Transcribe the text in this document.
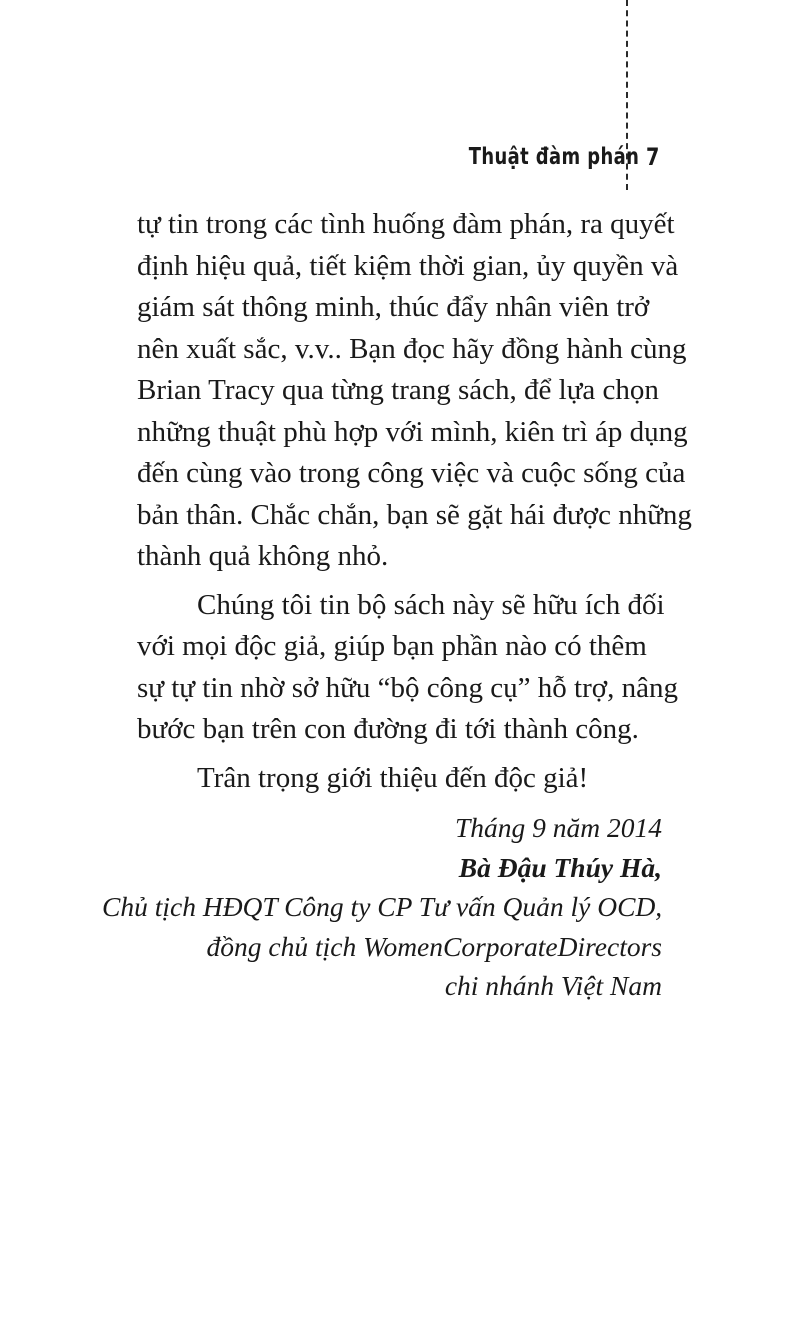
Thuật đàm phán 7
tự tin trong các tình huống đàm phán, ra quyết
định hiệu quả, tiết kiệm thời gian, ủy quyền và
giám sát thông minh, thúc đẩy nhân viên trở
nên xuất sắc, v.v.. Bạn đọc hãy đồng hành cùng
Brian Tracy qua từng trang sách, để lựa chọn
những thuật phù hợp với mình, kiên trì áp dụng
đến cùng vào trong công việc và cuộc sống của
bản thân. Chắc chắn, bạn sẽ gặt hái được những
thành quả không nhỏ.
Chúng tôi tin bộ sách này sẽ hữu ích đối
với mọi độc giả, giúp bạn phần nào có thêm
sự tự tin nhờ sở hữu “bộ công cụ” hỗ trợ, nâng
bước bạn trên con đường đi tới thành công.
Trân trọng giới thiệu đến độc giả!
Tháng 9 năm 2014
Bà Đậu Thúy Hà,
Chủ tịch HĐQT Công ty CP Tư vấn Quản lý OCD,
đồng chủ tịch WomenCorporateDirectors
chi nhánh Việt Nam
